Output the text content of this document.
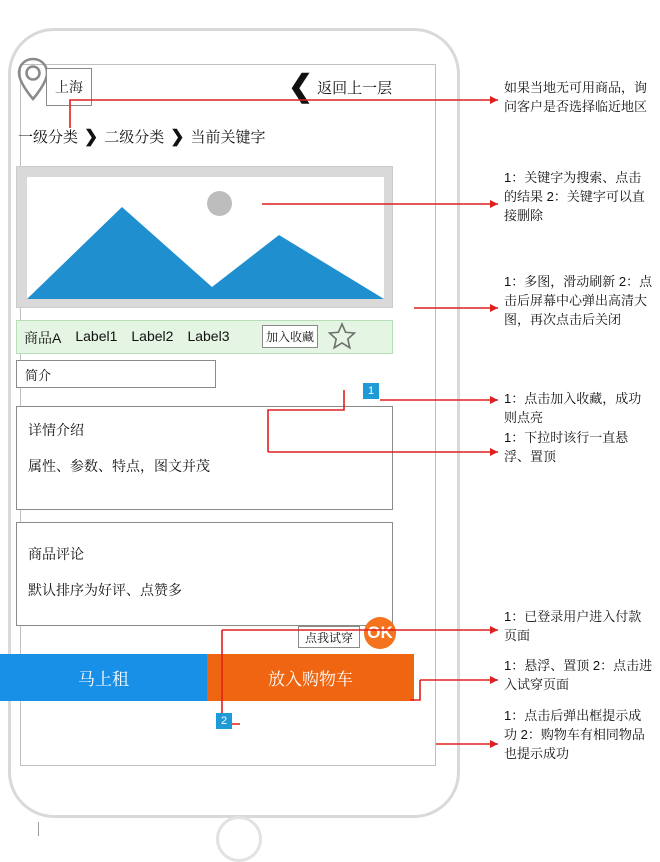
上海	❮ 返回上一层
一级分类 ❯ 二级分类 ❯ 当前关键字
商品A Label1 Label2 Label3	加入收藏
简介
详情介绍
属性、参数、特点，图文并茂
商品评论
默认排序为好评、点赞多
点我试穿 OK
马上租	放入购物车
1
2
如果当地无可用商品，询问客户是否选择临近地区
1：关键字为搜索、点击的结果 2：关键字可以直接删除
1：多图，滑动刷新 2：点击后屏幕中心弹出高清大图，再次点击后关闭
1：点击加入收藏，成功则点亮
1：下拉时该行一直悬浮、置顶
1：已登录用户进入付款页面
1：悬浮、置顶 2：点击进入试穿页面
1：点击后弹出框提示成功 2：购物车有相同物品也提示成功
